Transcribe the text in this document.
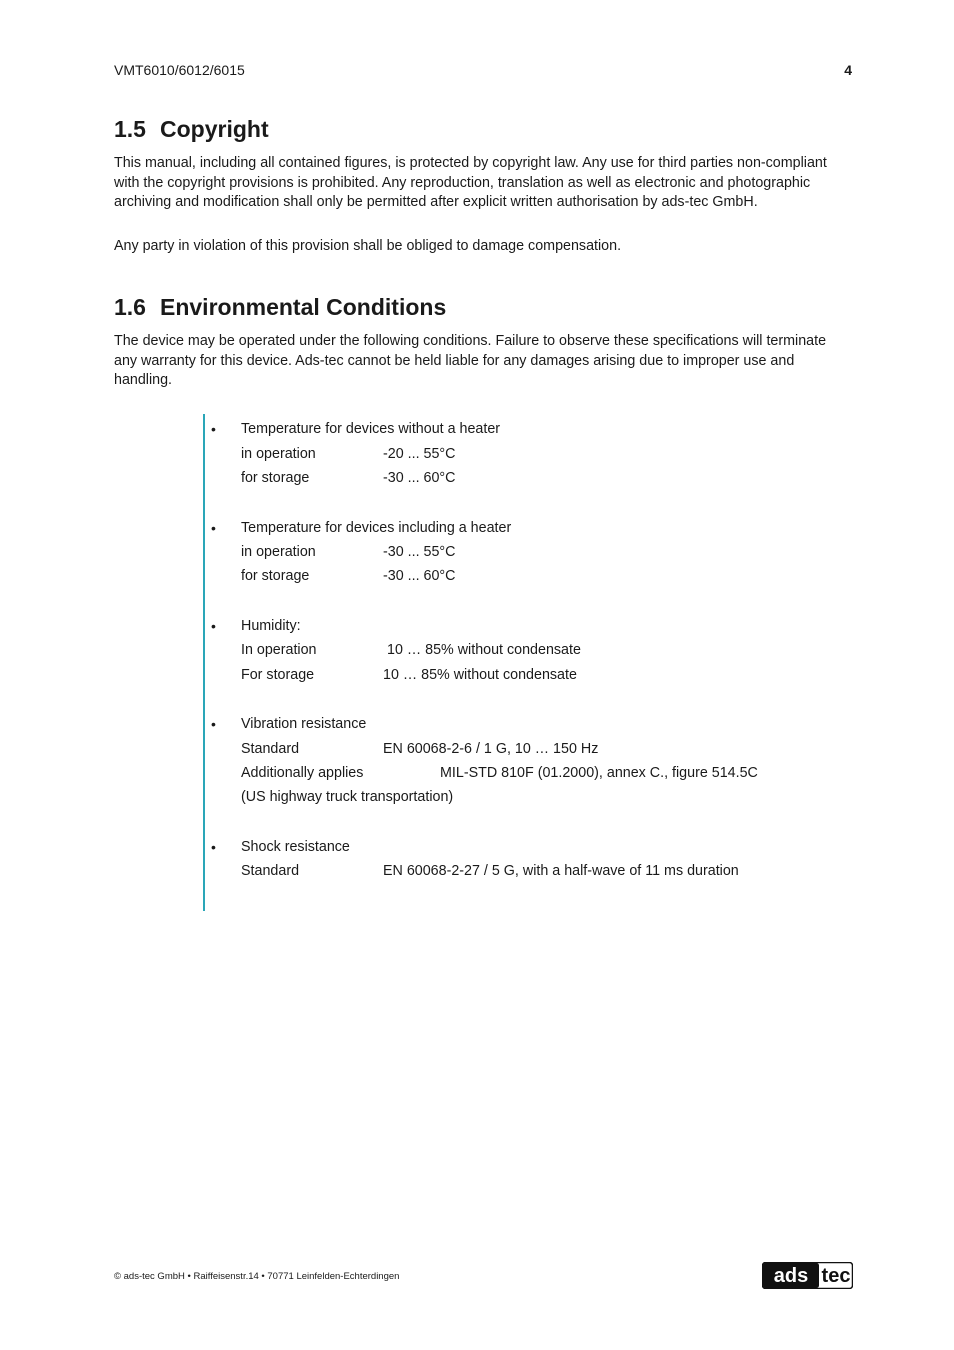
VMT6010/6012/6015	4
1.5 Copyright

This manual, including all contained figures, is protected by copyright law. Any use for third parties non-compliant with the copyright provisions is prohibited. Any reproduction, translation as well as electronic and photographic archiving and modification shall only be permitted after explicit written authorisation by ads-tec GmbH.

Any party in violation of this provision shall be obliged to damage compensation.

1.6 Environmental Conditions

The device may be operated under the following conditions. Failure to observe these specifications will terminate any warranty for this device. Ads-tec cannot be held liable for any damages arising due to improper use and handling.

• Temperature for devices without a heater
in operation	-20 ... 55°C
for storage	-30 ... 60°C
• Temperature for devices including a heater
in operation	-30 ... 55°C
for storage	-30 ... 60°C
• Humidity:
In operation	10 … 85% without condensate
For storage	10 … 85% without condensate
• Vibration resistance
Standard	EN 60068-2-6 / 1 G, 10 … 150 Hz
Additionally applies	MIL-STD 810F (01.2000), annex C., figure 514.5C
(US highway truck transportation)
• Shock resistance
Standard	EN 60068-2-27 / 5 G, with a half-wave of 11 ms duration
© ads-tec GmbH • Raiffeisenstr.14 • 70771 Leinfelden-Echterdingen	ads tec
